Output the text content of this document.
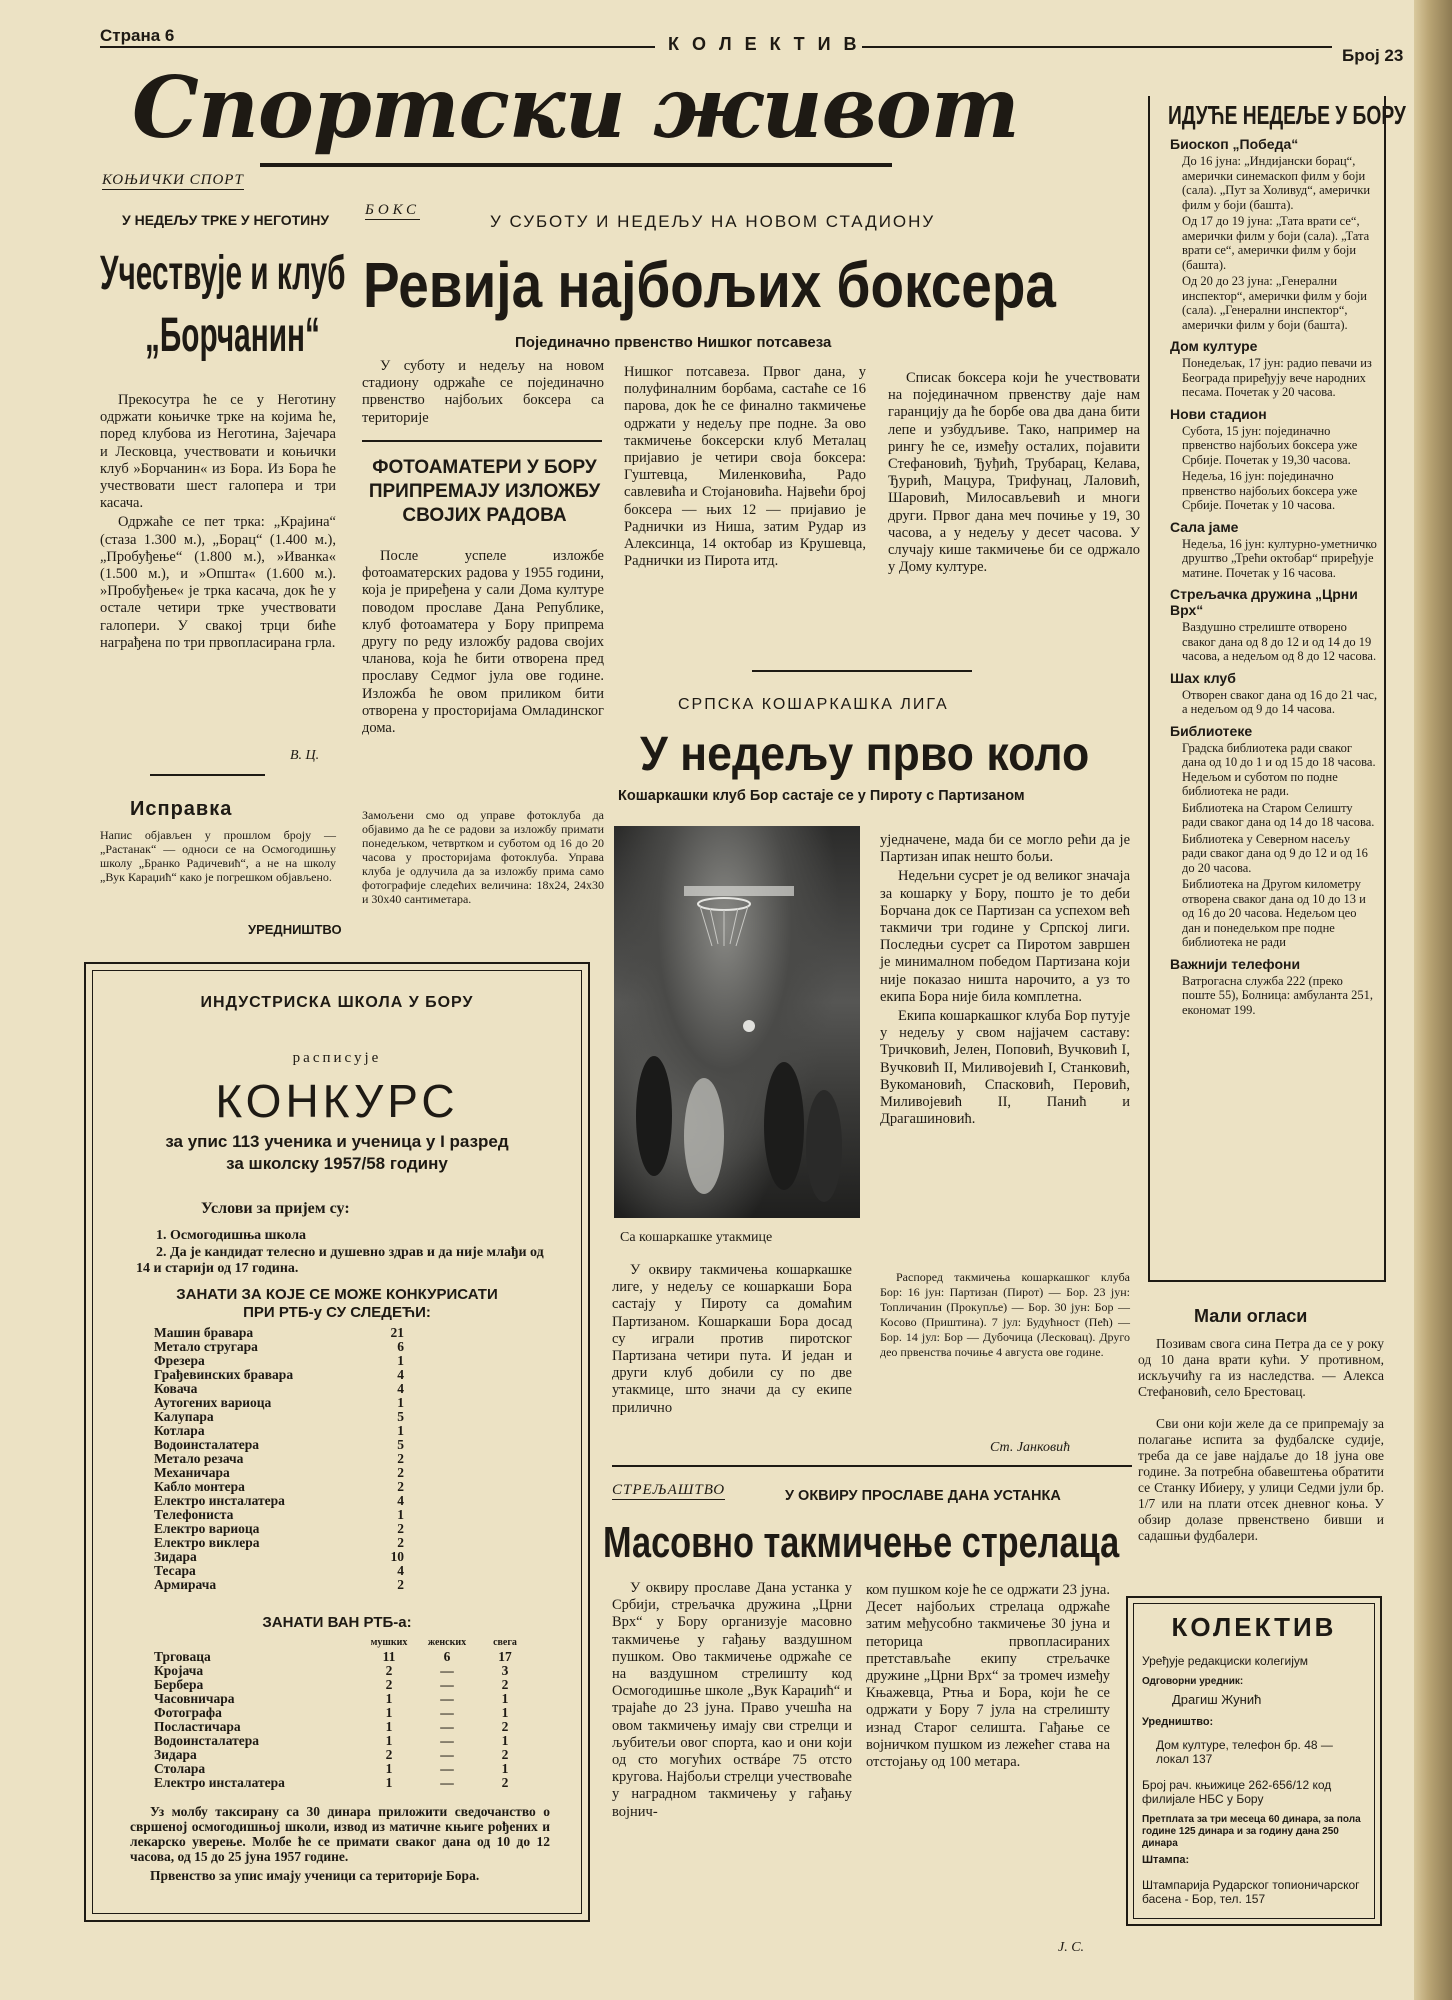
Страна 6	К О Л Е К Т И В
Број 23
Спортски живот
КОЊИЧКИ СПОРТ
У НЕДЕЉУ ТРКЕ У НЕГОТИНУ
Учествује и клуб
„Борчанин“

Прекосутра ће се у Неготину одржати коњичке трке на којима ће, поред клубова из Неготина, Зајечара и Лесковца, учествовати и коњички клуб »Борчанин« из Бора. Из Бора ће учествовати шест галопера и три касача.

Одржаће се пет трка: „Крајина“ (стаза 1.300 м.), „Борац“ (1.400 м.), „Пробуђење“ (1.800 м.), »Иванка« (1.500 м.), и »Општа« (1.600 м.). »Пробуђење« је трка касача, док ће у остале четири трке учествовати галопери. У свакој трци биће награђена по три првопласирана грла.

В. Ц.
Исправка
Напис објављен у прошлом броју — „Растанак“ — односи се на Осмогодишњу школу „Бранко Радичевић“, а не на школу „Вук Караџић“ како је погрешком објављено.
УРЕДНИШТВО
БОКС
У СУБОТУ И НЕДЕЉУ НА НОВОМ СТАДИОНУ
Ревија најбољих боксера
Појединачно првенство Нишког потсавеза
У суботу и недељу на новом стадиону одржаће се појединачно првенство најбољих боксера са територије
Нишког потсавеза. Првог дана, у полуфиналним борбама, састаће се 16 парова, док ће се финално такмичење одржати у недељу пре подне. За ово такмичење боксерски клуб Металац пријавио је четири своја боксера: Гуштевца, Миленковића, Радо савлевића и Стојановића. Највећи број боксера — њих 12 — пријавио је Раднички из Ниша, затим Рудар из Алексинца, 14 октобар из Крушевца, Раднички из Пирота итд.
Списак боксера који ће учествовати на појединачном првенству даје нам гаранцију да ће борбе ова два дана бити лепе и узбудљиве. Тако, например на рингу ће се, између осталих, појавити Стефановић, Ђуђић, Трубарац, Келава, Ђурић, Мацура, Трифунац, Лаловић, Шаровић, Милосављевић и многи други. Првог дана меч почиње у 19, 30 часова, а у недељу у десет часова. У случају кише такмичење би се одржало у Дому културе.
ФОТОАМАТЕРИ У БОРУ ПРИПРЕМАЈУ ИЗЛОЖБУ СВОЈИХ РАДОВА
После успеле изложбе фотоаматерских радова у 1955 години, која је приређена у сали Дома културе поводом прославе Дана Републике, клуб фотоаматера у Бору припрема другу по реду изложбу радова својих чланова, која ће бити отворена пред прославу Седмог јула ове године. Изложба ће овом приликом бити отворена у просторијама Омладинског дома.
Замољени смо од управе фотоклуба да објавимо да ће се радови за изложбу примати понедељком, четвртком и суботом од 16 до 20 часова у просторијама фотоклуба. Управа клуба је одлучила да за изложбу прима само фотографије следећих величина: 18х24, 24х30 и 30х40 сантиметара.
ИНДУСТРИСКА ШКОЛА У БОРУ
расписује
КОНКУРС
за упис 113 ученика и ученица у I разред
за школску 1957/58 годину
Услови за пријем су:
1. Осмогодишња школа
2. Да је кандидат телесно и душевно здрав и да није млађи од 14 и старији од 17 година.
ЗАНАТИ ЗА КОЈЕ СЕ МОЖЕ КОНКУРИСАТИ
ПРИ РТБ-у СУ СЛЕДЕЋИ:
Машин бравара	21
Метало стругара	6
Фрезера	1
Грађевинских бравара	4
Ковача	4
Аутогених вариоца	1
Калупара	5
Котлара	1
Водоинсталатера	5
Метало резача	2
Механичара	2
Кабло монтера	2
Електро инсталатера	4
Телефониста	1
Електро вариоца	2
Електро виклера	2
Зидара	10
Тесара	4
Армирача	2
ЗАНАТИ ВАН РТБ-а:
мушких	женских	свега
Трговаца	11	6	17
Кројача	2	—	3
Бербера	2	—	2
Часовничара	1	—	1
Фотографа	1	—	1
Посластичара	1	—	2
Водоинсталатера	1	—	1
Зидара	2	—	2
Столара	1	—	1
Електро инсталатера	1	—	2
Уз молбу таксирану са 30 динара приложити сведочанство о свршеној осмогодишњој школи, извод из матичне књиге рођених и лекарско уверење. Молбе ће се примати сваког дана од 10 до 12 часова, од 15 до 25 јуна 1957 године.
Првенство за упис имају ученици са територије Бора.
СРПСКА КОШАРКАШКА ЛИГА
У недељу прво коло
Кошаркашки клуб Бор састаје се у Пироту с Партизаном
Са кошаркашке утакмице
У оквиру такмичења кошаркашке лиге, у недељу се кошаркаши Бора састају у Пироту са домаћим Партизаном. Кошаркаши Бора досад су играли против пиротског Партизана четири пута. И један и други клуб добили су по две утакмице, што значи да су екипе прилично

уједначене, мада би се могло рећи да је Партизан ипак нешто бољи.

Недељни сусрет је од великог значаја за кошарку у Бору, пошто је то деби Борчана док се Партизан са успехом већ такмичи три године у Српској лиги. Последњи сусрет са Пиротом завршен је минималном победом Партизана који није показао ништа нарочито, а уз то екипа Бора није била комплетна.

Екипа кошаркашког клуба Бор путује у недељу у свом најјачем саставу: Тричковић, Јелен, Поповић, Вучковић I, Вучковић II, Миливојевић I, Станковић, Вукомановић, Спасковић, Перовић, Миливојевић II, Панић и Драгашиновић.

Распоред такмичења кошаркашког клуба Бор: 16 јун: Партизан (Пирот) — Бор. 23 јун: Топличанин (Прокупље) — Бор. 30 јун: Бор — Косово (Приштина). 7 јул: Будућност (Пећ) — Бор. 14 јул: Бор — Дубочица (Лесковац). Друго део првенства почиње 4 августа ове године.
Ст. Јанковић
СТРЕЉАШТВО	У ОКВИРУ ПРОСЛАВЕ ДАНА УСТАНКА
Масовно такмичење стрелаца
У оквиру прославе Дана устанка у Србији, стрељачка дружина „Црни Врх“ у Бору организује масовно такмичење у гађању ваздушном пушком. Ово такмичење одржаће се на ваздушном стрелишту код Осмогодишње школе „Вук Караџић“ и трајаће до 23 јуна. Право учешћа на овом такмичењу имају сви стрелци и љубитељи овог спорта, као и они који од сто могућих оствáре 75 отсто кругова. Најбољи стрелци учествоваће у наградном такмичењу у гађању војнич-
ком пушком које ће се одржати 23 јуна. Десет најбољих стрелаца одржаће затим међусобно такмичење 30 јуна и петорица првопласираних претстављаће екипу стрељачке дружине „Црни Врх“ за тромеч између Књажевца, Ртња и Бора, који ће се одржати у Бору 7 јула на стрелишту изнад Старог селишта. Гађање се војничком пушком из лежећег става на отстојању од 100 метара.
Ј. С.
ИДУЋЕ НЕДЕЉЕ У БОРУ
Биоскоп „Победа“
До 16 јуна: „Индијански борац“, амерички синемаскоп филм у боји (сала). „Пут за Холивуд“, амерички филм у боји (башта).
Од 17 до 19 јуна: „Тата врати се“, амерички филм у боји (сала). „Тата врати се“, амерички филм у боји (башта).
Од 20 до 23 јуна: „Генерални инспектор“, амерички филм у боји (сала). „Генерални инспектор“, амерички филм у боји (башта).
Дом културе
Понедељак, 17 јун: радио певачи из Београда приређују вече народних песама. Почетак у 20 часова.
Нови стадион
Субота, 15 јун: појединачно првенство најбољих боксера уже Србије. Почетак у 19,30 часова.
Недеља, 16 јун: појединачно првенство најбољих боксера уже Србије. Почетак у 10 часова.
Сала јаме
Недеља, 16 јун: културно-уметничко друштво „Трећи октобар“ приређује матинe. Почетак у 16 часова.
Стрељачка дружина „Црни Врх“
Ваздушно стрелиште отворено сваког дана од 8 до 12 и од 14 до 19 часова, а недељом од 8 до 12 часова.
Шах клуб
Отворен сваког дана од 16 до 21 час, а недељом од 9 до 14 часова.
Библиотеке
Градска библиотека ради сваког дана од 10 до 1 и од 15 до 18 часова. Недељом и суботом по подне библиотека не ради.
Библиотека на Старом Селишту ради сваког дана од 14 до 18 часова.
Библиотека у Северном насељу ради сваког дана од 9 до 12 и од 16 до 20 часова.
Библиотека на Другом километру отворена сваког дана од 10 до 13 и од 16 до 20 часова. Недељом цео дан и понедељком пре подне библиотека не ради
Важнији телефони
Ватрогасна служба 222 (преко поште 55), Болница: амбуланта 251, економат 199.
Мали огласи
Позивам свога сина Петра да се у року од 10 дана врати кући. У противном, искључићу га из наследства. — Алекса Стефановић, село Брестовац.
Сви они који желе да се припремају за полагање испита за фудбалске судије, треба да се јаве најдаље до 18 јуна ове године. За потребна обавештења обратити се Станку Ибиеру, у улици Седми јули бр. 1/7 или на плати отсек дневног коња. У обзир долазе првенствено бивши и садашњи фудбалери.
КОЛЕКТИВ
Уређује редакциски колегијум
Одговорни уредник:
Драгиш Жунић
Уредништво:
Дом културе, телефон бр. 48 — локал 137
Број рач. књижице 262-656/12 код филијале НБС у Бору
Претплата за три месеца 60 динара, за пола године 125 динара и за годину дана 250 динара
Штампа:
Штампарија Рударског топионичарског басена - Бор, тел. 157
